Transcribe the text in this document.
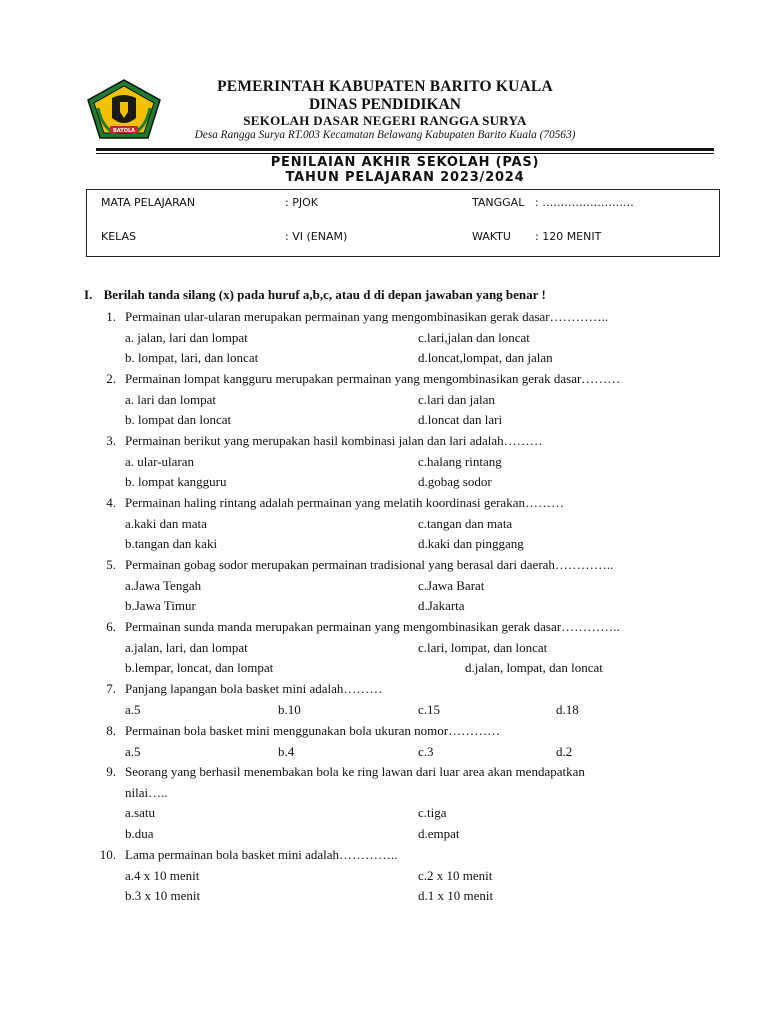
BATOLA
PEMERINTAH KABUPATEN BARITO KUALA
DINAS PENDIDIKAN
SEKOLAH DASAR NEGERI RANGGA SURYA
Desa Rangga Surya RT.003 Kecamatan Belawang Kabupaten Barito Kuala (70563)
PENILAIAN AKHIR SEKOLAH (PAS)
TAHUN PELAJARAN 2023/2024
MATA PELAJARAN	: PJOK	TANGGAL : …………………….
KELAS	: VI (ENAM)	WAKTU : 120 MENIT
I. Berilah tanda silang (x) pada huruf a,b,c, atau d di depan jawaban yang benar !
1. Permainan ular-ularan merupakan permainan yang mengombinasikan gerak dasar…………..
a. jalan, lari dan lompat	c.lari,jalan dan loncat
b. lompat, lari, dan loncat	d.loncat,lompat, dan jalan
2. Permainan lompat kangguru merupakan permainan yang mengombinasikan gerak dasar………
a. lari dan lompat	c.lari dan jalan
b. lompat dan loncat	d.loncat dan lari
3. Permainan berikut yang merupakan hasil kombinasi jalan dan lari adalah………
a. ular-ularan	c.halang rintang
b. lompat kangguru	d.gobag sodor
4. Permainan haling rintang adalah permainan yang melatih koordinasi gerakan………
a.kaki dan mata	c.tangan dan mata
b.tangan dan kaki	d.kaki dan pinggang
5. Permainan gobag sodor merupakan permainan tradisional yang berasal dari daerah…………..
a.Jawa Tengah	c.Jawa Barat
b.Jawa Timur	d.Jakarta
6. Permainan sunda manda merupakan permainan yang mengombinasikan gerak dasar…………..
a.jalan, lari, dan lompat	c.lari, lompat, dan loncat
b.lempar, loncat, dan lompat	d.jalan, lompat, dan loncat
7. Panjang lapangan bola basket mini adalah………
a.5	b.10	c.15	d.18
8. Permainan bola basket mini menggunakan bola ukuran nomor…………
a.5	b.4	c.3	d.2
9. Seorang yang berhasil menembakan bola ke ring lawan dari luar area akan mendapatkan
nilai…..
a.satu	c.tiga
b.dua	d.empat
10. Lama permainan bola basket mini adalah…………..
a.4 x 10 menit	c.2 x 10 menit
b.3 x 10 menit	d.1 x 10 menit
